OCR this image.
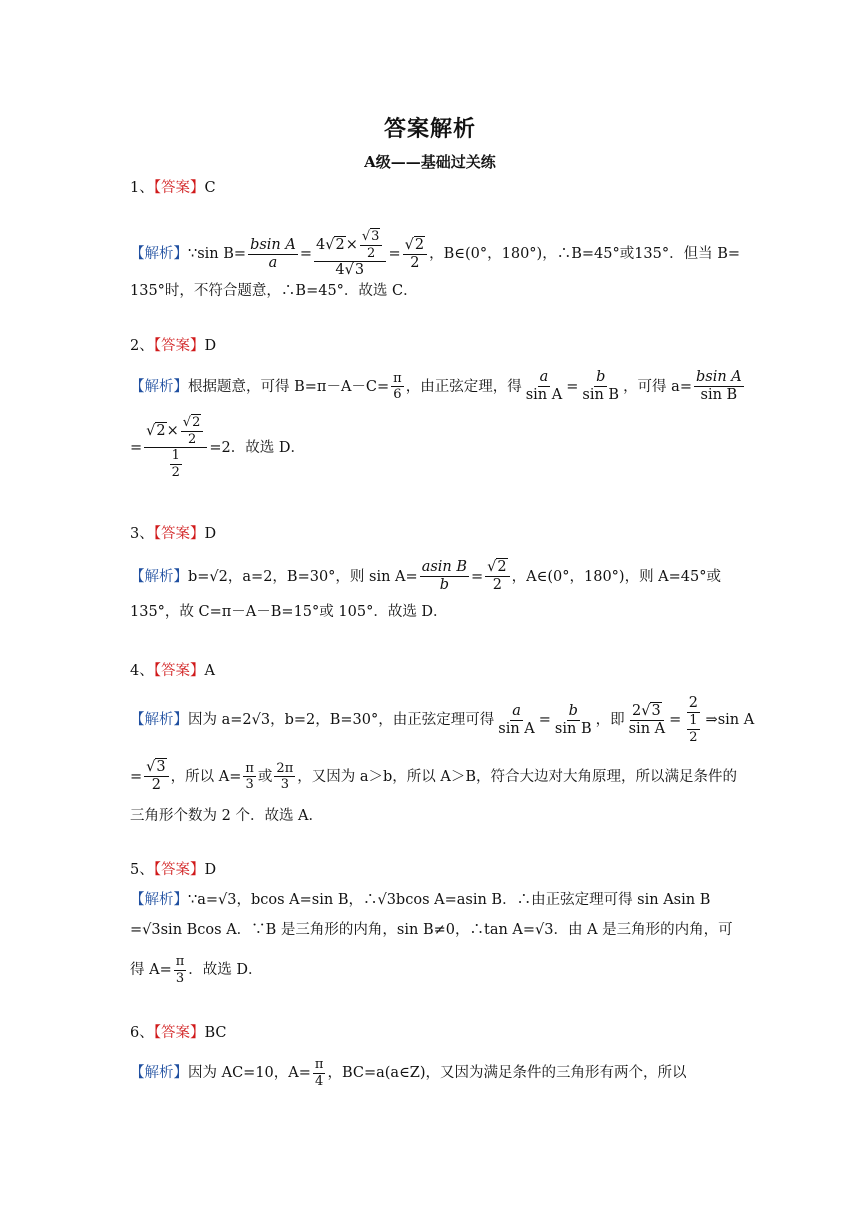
答案解析
A级——基础过关练
1、【答案】C
【解析】 ∵sin $B= \frac{\text{bsin A}}{a} = \frac{4√2\times \frac{√3}{2}}{4√3} = \frac{√2}{2}$ ，B∈(0°，180°)，∴B=45°或135°．但当 B=
135°时，不符合题意，∴B=45°．故选 C．
2、【答案】D
【解析】 根据题意，可得 $B=\pi-A-C= \frac{\pi}{6}$ ，由正弦定理，得 $\frac{a}{\text{sin A}} = \frac{b}{\text{sin B}}$ ，可得 $a= \frac{\text{bsin A}}{\text{sin B}}$
= $\frac{√2\times \frac{√2}{2}}{\frac{1}{2}} =2$．故选 D．
3、【答案】D
【解析】 b=√2，a=2，B=30°，则 $\sin A= \frac{\text{asin B}}{b} = \frac{√2}{2}$ ，A∈(0°，180°)，则 A=45°或
135°，故 C=π－A－B=15°或 105°．故选 D．
4、【答案】A
【解析】 因为 a=2√3，b=2，B=30°，由正弦定理可得 $\frac{a}{\text{sin A}} = \frac{b}{\text{sin B}}$ ，即 $\frac{2√3}{\text{sin A}} = \frac{2}{\frac{1}{2}}$ ⇒sin A
= $\frac{√3}{2}$ ，所以 $A= \frac{\pi}{3}$ 或 $\frac{2\pi}{3}$ ，又因为 a＞b，所以 A＞B，符合大边对大角原理，所以满足条件的
三角形个数为 2 个．故选 A．
5、【答案】D
【解析】∵a=√3，bcos A=sin B，∴√3bcos A=asin B．∴由正弦定理可得 sin Asin B
=√3sin Bcos A．∵B 是三角形的内角，sin B≠0，∴tan A=√3．由 A 是三角形的内角，可
得 $A= \frac{\pi}{3}$ ．故选 D．
6、【答案】BC
【解析】 因为 AC=10，$A= \frac{\pi}{4}$ ，BC=a(a∈Z)，又因为满足条件的三角形有两个，所以
